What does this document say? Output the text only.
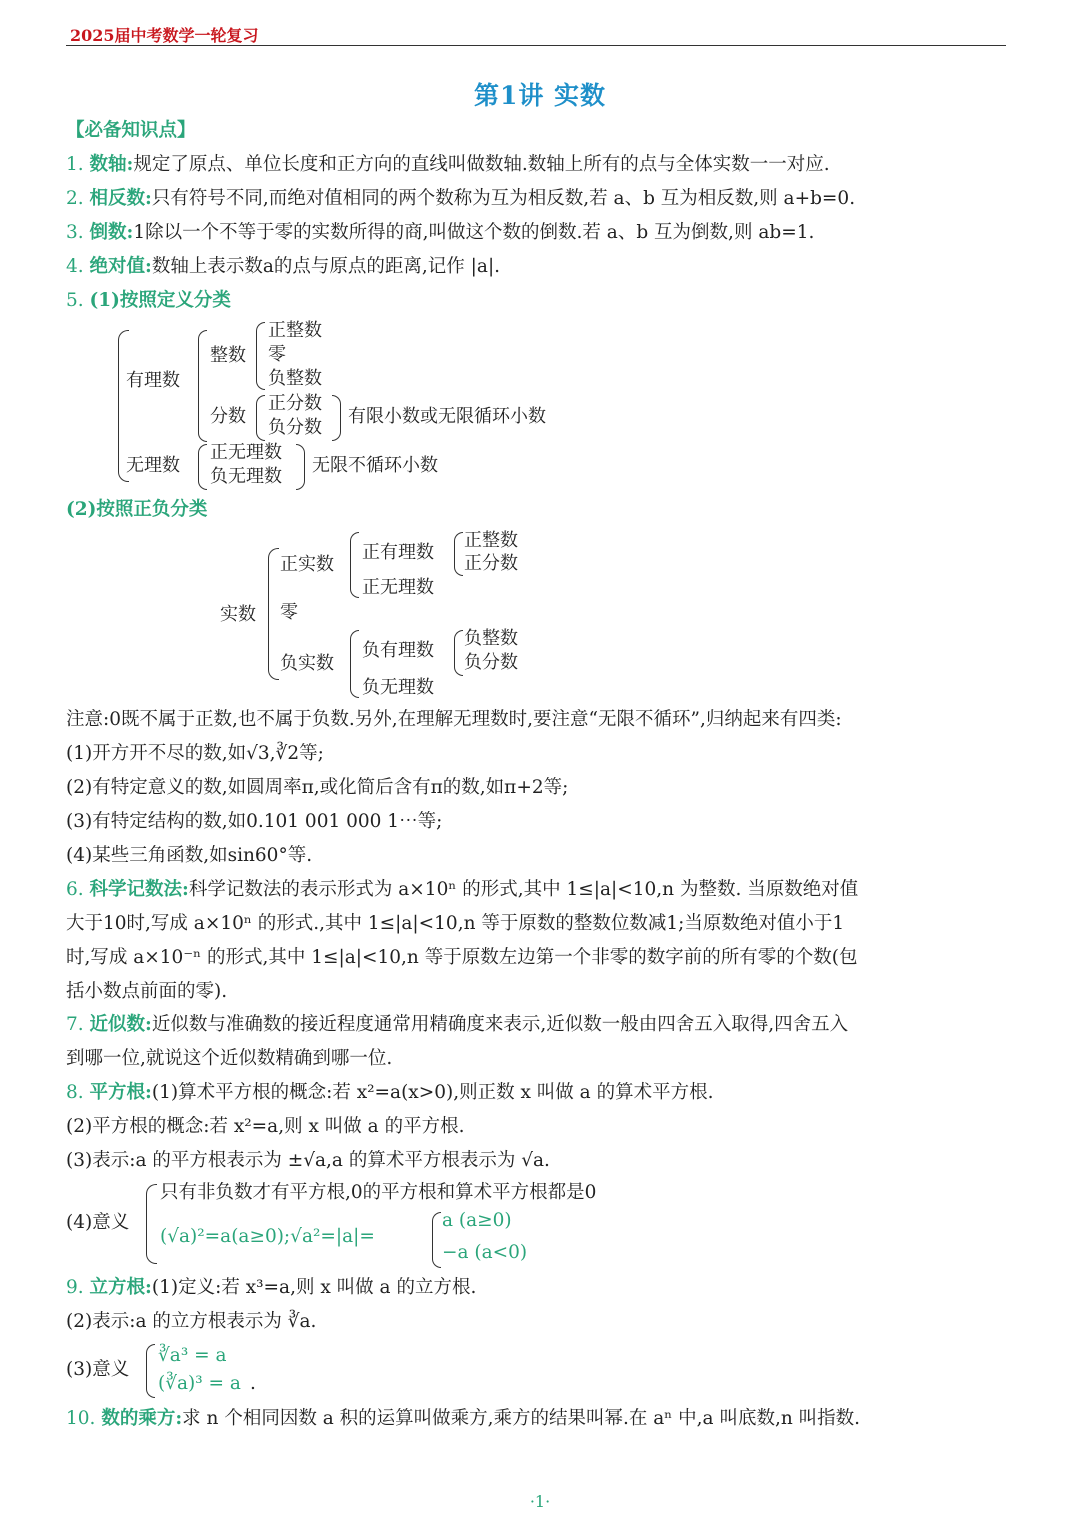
2025届中考数学一轮复习
第1讲 实数
【必备知识点】
1. 数轴:规定了原点、单位长度和正方向的直线叫做数轴.数轴上所有的点与全体实数一一对应.
2. 相反数:只有符号不同,而绝对值相同的两个数称为互为相反数,若 a、b 互为相反数,则 a+b=0.
3. 倒数:1除以一个不等于零的实数所得的商,叫做这个数的倒数.若 a、b 互为倒数,则 ab=1.
4. 绝对值:数轴上表示数a的点与原点的距离,记作 |a|.
5. (1)按照定义分类
有理数
整数
正整数
零
负整数
分数
正分数
负分数
有限小数或无限循环小数
无理数
正无理数
负无理数
无限不循环小数
(2)按照正负分类
实数
正实数
零
负实数
正有理数
正无理数
正整数
正分数
负有理数
负无理数
负整数
负分数
注意:0既不属于正数,也不属于负数.另外,在理解无理数时,要注意“无限不循环”,归纳起来有四类:
(1)开方开不尽的数,如√3,∛2等;
(2)有特定意义的数,如圆周率π,或化简后含有π的数,如π+2等;
(3)有特定结构的数,如0.101 001 000 1⋯等;
(4)某些三角函数,如sin60°等.
6. 科学记数法:科学记数法的表示形式为 a×10ⁿ 的形式,其中 1≤|a|<10,n 为整数. 当原数绝对值
大于10时,写成 a×10ⁿ 的形式.,其中 1≤|a|<10,n 等于原数的整数位数减1;当原数绝对值小于1
时,写成 a×10⁻ⁿ 的形式,其中 1≤|a|<10,n 等于原数左边第一个非零的数字前的所有零的个数(包
括小数点前面的零).
7. 近似数:近似数与准确数的接近程度通常用精确度来表示,近似数一般由四舍五入取得,四舍五入
到哪一位,就说这个近似数精确到哪一位.
8. 平方根:(1)算术平方根的概念:若 x²=a(x>0),则正数 x 叫做 a 的算术平方根.
(2)平方根的概念:若 x²=a,则 x 叫做 a 的平方根.
(3)表示:a 的平方根表示为 ±√a,a 的算术平方根表示为 √a.
(4)意义
只有非负数才有平方根,0的平方根和算术平方根都是0
(√a)²=a(a≥0);√a²=|a|=
a (a≥0)
−a (a<0)
9. 立方根:(1)定义:若 x³=a,则 x 叫做 a 的立方根.
(2)表示:a 的立方根表示为 ∛a.
(3)意义
∛a³ = a
(∛a)³ = a .
10. 数的乘方:求 n 个相同因数 a 积的运算叫做乘方,乘方的结果叫幂.在 aⁿ 中,a 叫底数,n 叫指数.
·1·
